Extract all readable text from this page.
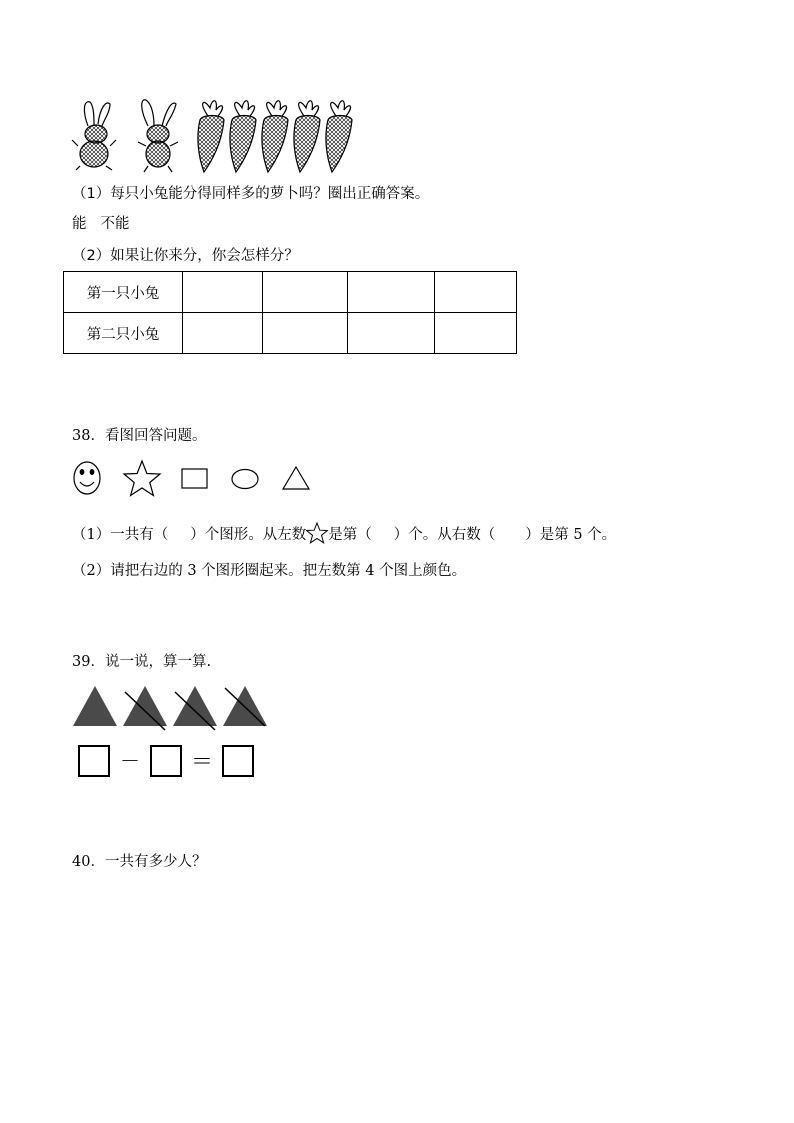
（1）每只小兔能分得同样多的萝卜吗？圈出正确答案。
能 不能
（2）如果让你来分，你会怎样分？
第一只小兔				
第二只小兔				
38．看图回答问题。
（1）一共有（ ）个图形。从左数 是第（ ）个。从右数（ ）是第 5 个。
（2）请把右边的 3 个图形圈起来。把左数第 4 个图上颜色。
39．说一说，算一算.
－ ＝
40．一共有多少人？
